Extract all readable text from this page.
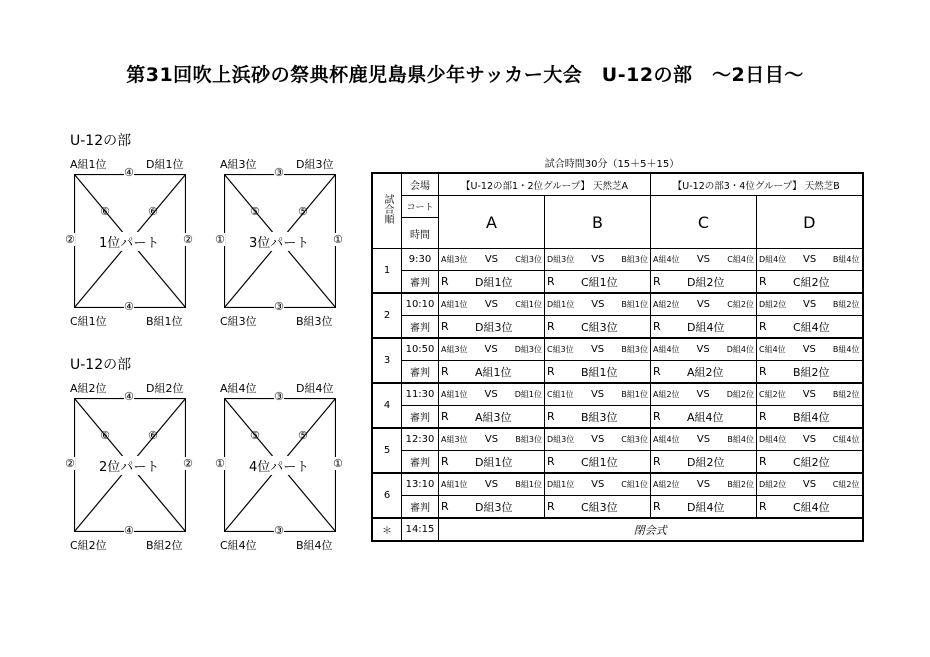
第31回吹上浜砂の祭典杯鹿児島県少年サッカー大会　U-12の部　～2日目～
U-12の部
U-12の部
A組1位	D組1位
C組1位	B組1位
④
④
②	②
⑥	⑥
1位パート
A組3位	D組3位
C組3位	B組3位
③
③
①	①
⑤	⑤
3位パート
A組2位	D組2位
C組2位	B組2位
④
④
②	②
⑥	⑥
2位パート
A組4位	D組4位
C組4位	B組4位
③
③
①	①
⑤	⑤
4位パート
試合時間30分（15＋5＋15）
試合順	会場	【U-12の部1・2位グループ】 天然芝A		【U-12の部3・4位グループ】 天然芝B	
	コート	A	B	C	D
	時間				
1	9:30	A組3位 VS C組3位	D組3位 VS B組3位	A組4位 VS C組4位	D組4位 VS B組4位

	審判	R D組1位	R C組1位	R D組2位	R C組2位

2	10:10	A組1位 VS C組1位	D組1位 VS B組1位	A組2位 VS C組2位	D組2位 VS B組2位

	審判	R D組3位	R C組3位	R D組4位	R C組4位

3	10:50	A組3位 VS D組3位	C組3位 VS B組3位	A組4位 VS D組4位	C組4位 VS B組4位

	審判	R A組1位	R B組1位	R A組2位	R B組2位

4	11:30	A組1位 VS D組1位	C組1位 VS B組1位	A組2位 VS D組2位	C組2位 VS B組2位

	審判	R A組3位	R B組3位	R A組4位	R B組4位

5	12:30	A組3位 VS B組3位	D組3位 VS C組3位	A組4位 VS B組4位	D組4位 VS C組4位

	審判	R D組1位	R C組1位	R D組2位	R C組2位

6	13:10	A組1位 VS B組1位	D組1位 VS C組1位	A組2位 VS B組2位	D組2位 VS C組2位

	審判	R D組3位	R C組3位	R D組4位	R C組4位

＊	14:15	閉会式			
